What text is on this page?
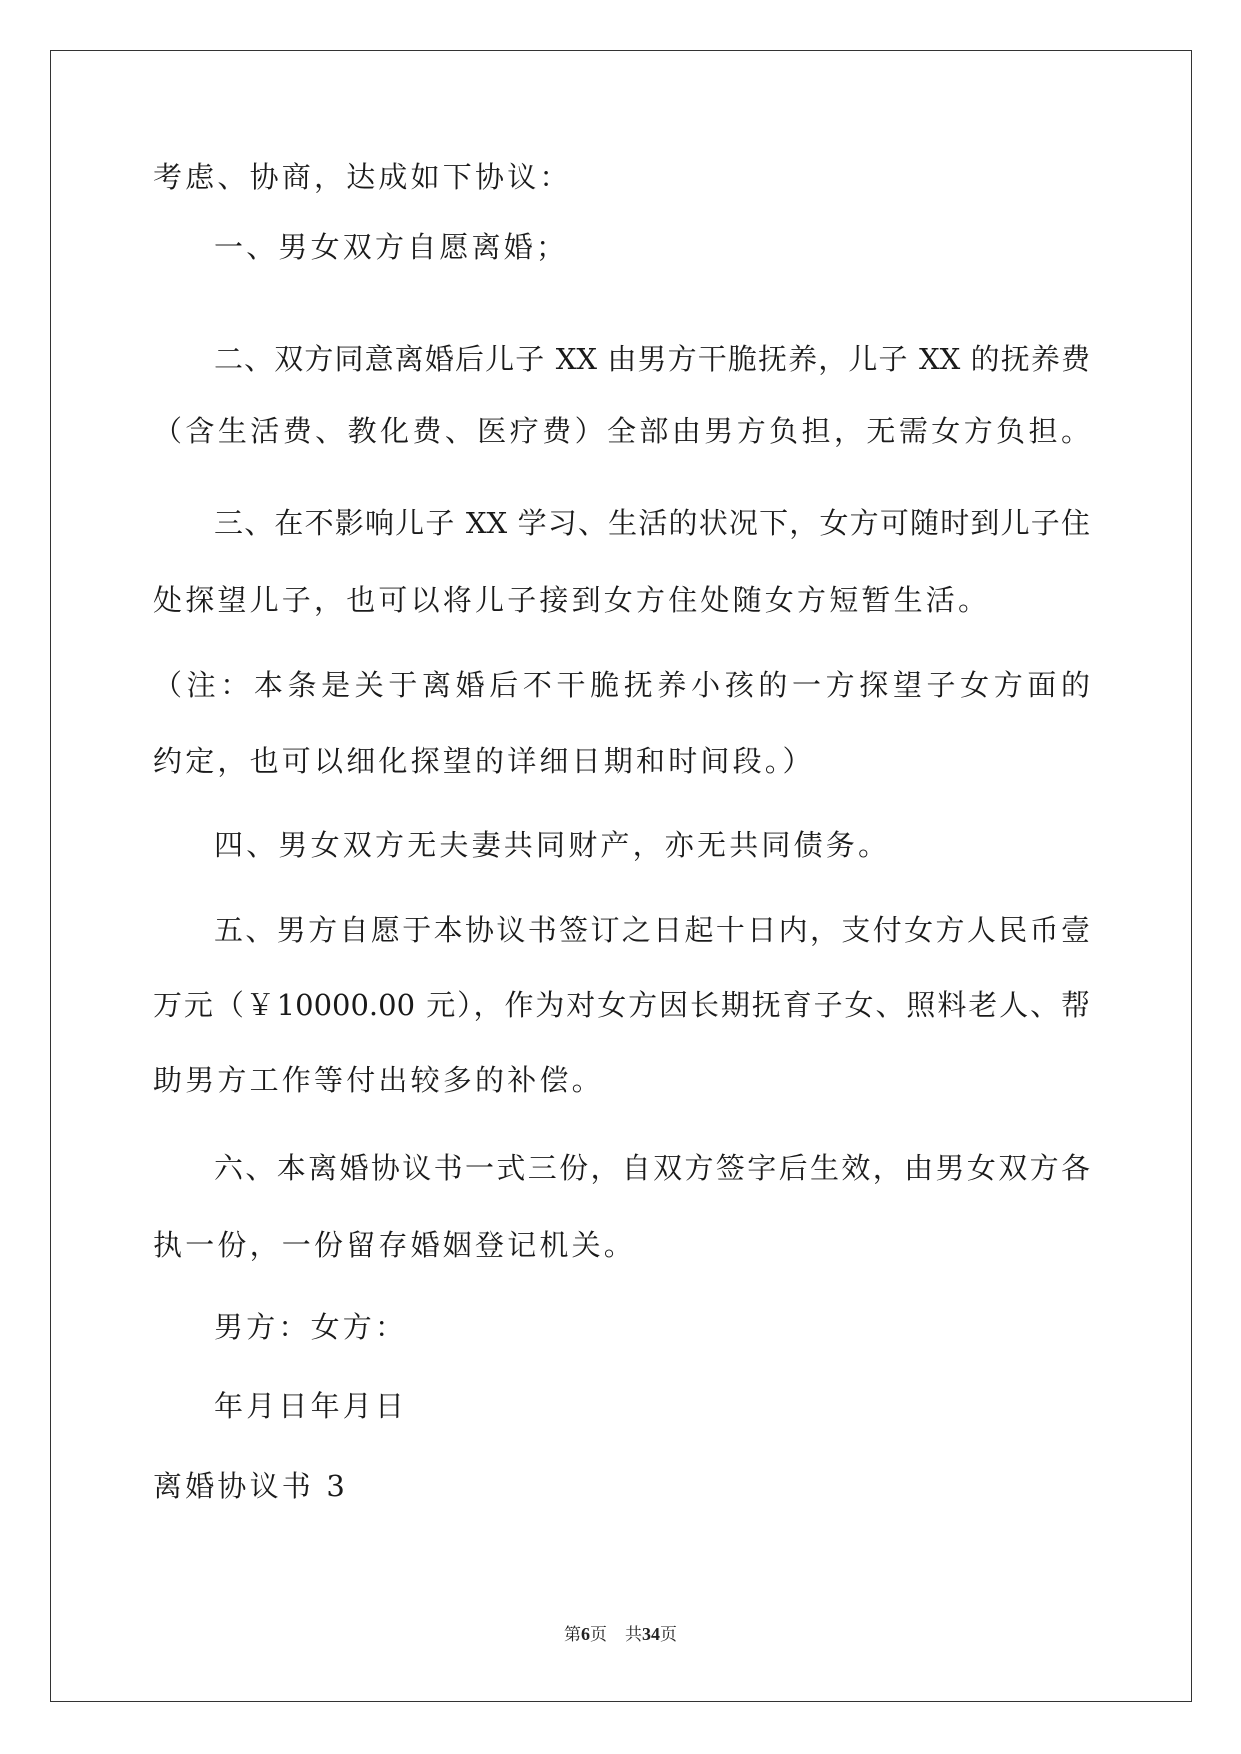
考虑、协商，达成如下协议：
一、男女双方自愿离婚；
二、双方同意离婚后儿子 XX 由男方干脆抚养，儿子 XX 的抚养费
（含生活费、教化费、医疗费）全部由男方负担，无需女方负担。
三、在不影响儿子 XX 学习、生活的状况下，女方可随时到儿子住
处探望儿子，也可以将儿子接到女方住处随女方短暂生活。
（注：本条是关于离婚后不干脆抚养小孩的一方探望子女方面的
约定，也可以细化探望的详细日期和时间段。）
四、男女双方无夫妻共同财产，亦无共同债务。
五、男方自愿于本协议书签订之日起十日内，支付女方人民币壹
万元（￥10000.00 元），作为对女方因长期抚育子女、照料老人、帮
助男方工作等付出较多的补偿。
六、本离婚协议书一式三份，自双方签字后生效，由男女双方各
执一份，一份留存婚姻登记机关。
男方：女方：
年月日年月日
离婚协议书 3
第6页 共34页
